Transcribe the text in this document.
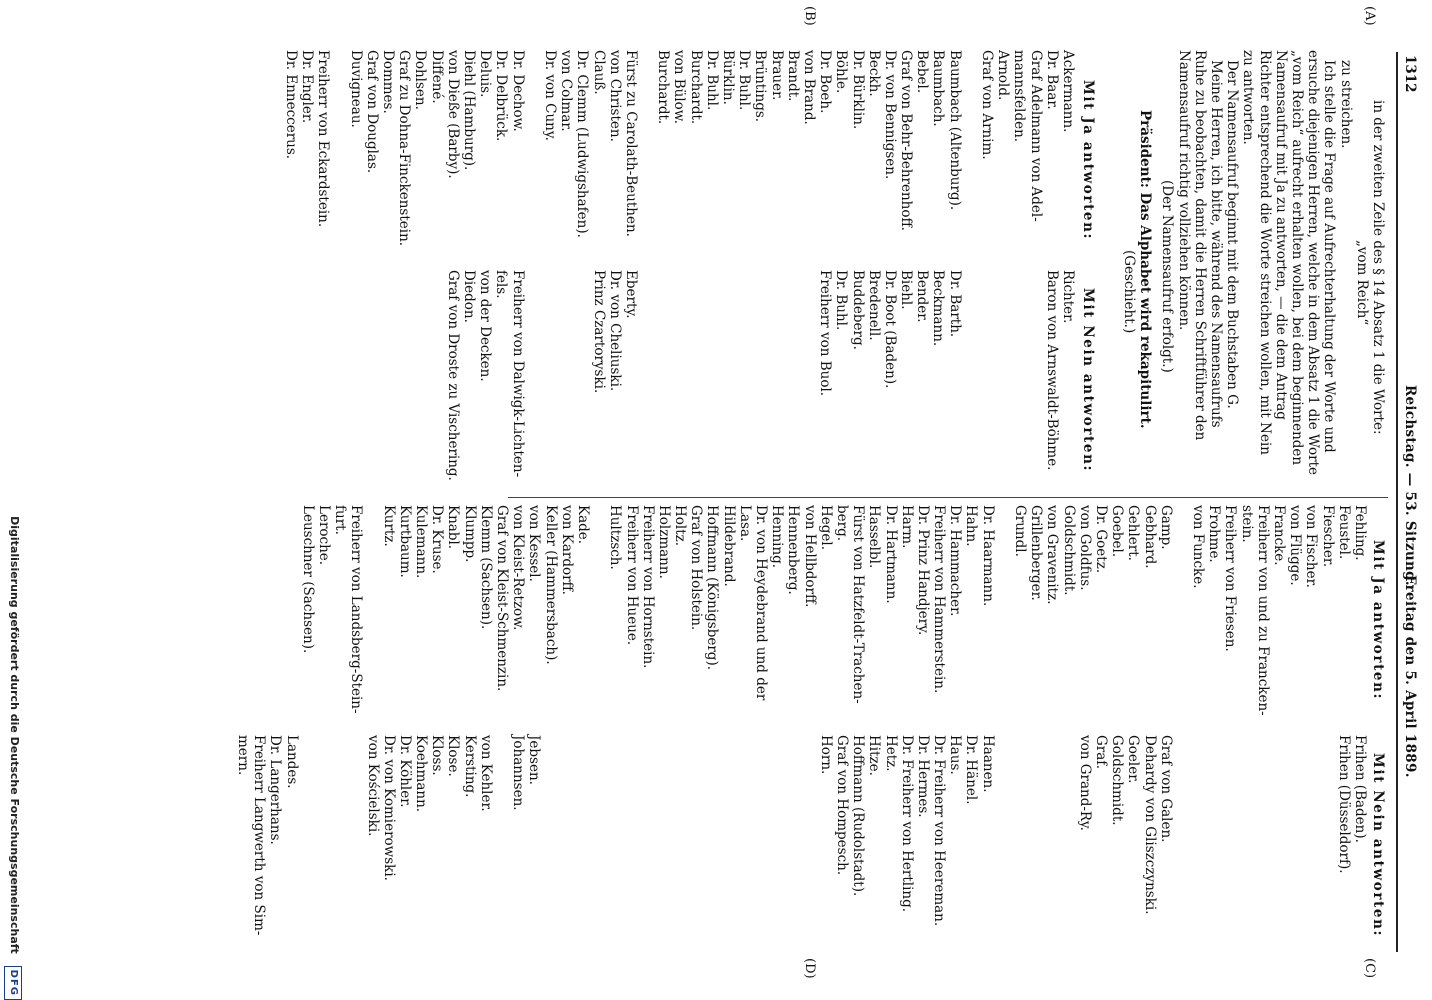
1312
Reichstag. — 53. Sitzung.
Freitag den 5. April 1889.
(A)
(B)
(C)
(D)
in der zweiten Zeile des § 14 Absatz 1 die Worte:
„vom Reich“
zu streichen.
Ich stelle die Frage auf Aufrechterhaltung der Worte und
ersuche diejenigen Herren, welche in dem Absatz 1 die Worte
„vom Reich“ aufrecht erhalten wollen, bei dem beginnenden
Namensaufruf mit Ja zu antworten, — die dem Antrag
Richter entsprechend die Worte streichen wollen, mit Nein
zu antworten.
Der Namensaufruf beginnt mit dem Buchstaben G.
Meine Herren, ich bitte, während des Namensaufrufs
Ruhe zu beobachten, damit die Herren Schriftführer den
Namensaufruf richtig vollziehen können.
(Der Namensaufruf erfolgt.)
Präsident: Das Alphabet wird rekapitulirt.
(Geschieht.)
Mit Ja antworten:
Mit Nein antworten:
Ackermann.
Dr. Baar.
Graf Adelmann von Adel-
mannsfelden.
Arnold.
Graf von Arnim.
Baumbach (Altenburg).
Baumbach.
Bebel.
Graf von Behr-Behrenhoff.
Dr. von Bennigsen.
Beckh.
Dr. Bürklin.
Böhle.
Dr. Boeh.
von Brand.
Brandt.
Brauer.
Brüntings.
Dr. Buhl.
Bürklin.
Dr. Buhl.
Burchardt.
von Bülow.
Burchardt.
Fürst zu Carolath-Beuthen.
von Christen.
Clauß.
Dr. Clemm (Ludwigshafen).
von Colmar.
Dr. von Cuny.
Dr. Dechow.
Dr. Delbrück.
Deluis.
Diehl (Hamburg).
von Dieße (Barby).
Diffené.
Dohlsen.
Graf zu Dohna-Finckenstein.
Dommes.
Graf von Douglas.
Duvigneau.
Freiherr von Eckardstein.
Dr. Engler.
Dr. Enneccerus.
Richter.
Baron von Arnswaldt-Böhme.
Dr. Barth.
Beckmann.
Bender.
Biehl.
Dr. Boot (Baden).
Bredenell.
Buddeberg.
Dr. Buhl.
Freiherr von Buol.
Eberty.
Dr. von Cheliuski.
Prinz Czartoryski.
Freiherr von Dalwigk-Lichten-
fels.
von der Decken.
Diedon.
Graf von Droste zu Vischering.
Mit Ja antworten:
Mit Nein antworten:
Fehling.
Feustel.
Fiescher.
von Fischer.
von Flügge.
Francke.
Freiherr von und zu Francken-
stein.
Freiherr von Friesen.
Frohme.
von Funcke.
Gamp.
Gebhard.
Gehlert.
Goebel.
Dr. Goetz.
von Goldfus.
Goldschmidt.
von Gravenitz.
Grillenberger.
Grundl.
Dr. Haarmann.
Hahn.
Dr. Hammacher.
Freiherr von Hammerstein.
Dr. Prinz Handjery.
Harm.
Dr. Hartmann.
Hasselbl.
Fürst von Hatzfeldt-Trachen-
berg.
Hegel.
von Hellbdorff.
Hennenberg.
Henning.
Dr. von Heydebrand und der
Lasa.
Hildebrand.
Hoffmann (Königsberg).
Graf von Holstein.
Holtz.
Holzmann.
Freiherr von Hornstein.
Freiherr von Hueue.
Hultzsch.
Kade.
von Kardorff.
Keller (Hammersbach).
von Kessel.
von Kleist-Retzow.
Graf von Kleist-Schmenzin.
Klemm (Sachsen).
Klumpp.
Knabl.
Dr. Kruse.
Kulemann.
Kurtbaum.
Kurtz.
Freiherr von Landsberg-Stein-
furt.
Leroche.
Leuschner (Sachsen).
Frihen (Baden).
Frihen (Düsseldorf).
Graf von Galen.
Dehardy von Gliszczynski.
Goeler.
Goldschmidt.
Graf.
von Grand-Ry.
Haanen.
Dr. Hänel.
Haus.
Dr. Freiherr von Heereman.
Dr. Hermes.
Dr. Freiherr von Hertling.
Hetz.
Hitze.
Hoffmann (Rudolstadt).
Graf von Hompesch.
Horn.
Jebsen.
Johannsen.
von Kehler.
Kersting.
Klose.
Kloss.
Koehmann.
Dr. Köhler.
Dr. von Komierowski.
von Kościelski.
Landes.
Dr. Langerhans.
Freiherr Langwerth von Sim-
mern.
Digitalisierung gefördert durch die Deutsche Forschungsgemeinschaft DFG
